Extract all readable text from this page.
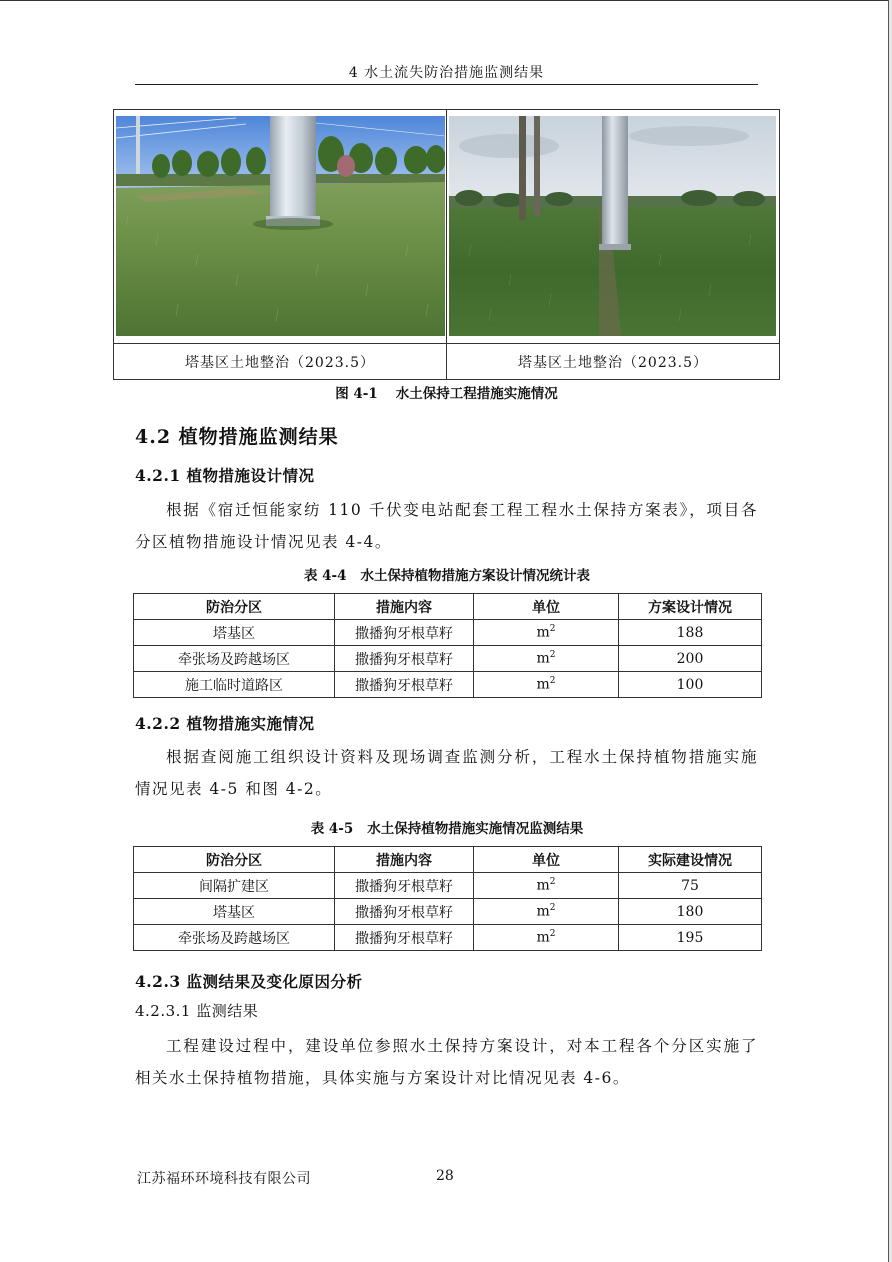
4 水土流失防治措施监测结果
塔基区土地整治（2023.5）	塔基区土地整治（2023.5）
图 4-1 水土保持工程措施实施情况
4.2 植物措施监测结果
4.2.1 植物措施设计情况
根据《宿迁恒能家纺 110 千伏变电站配套工程工程水土保持方案表》，项目各分区植物措施设计情况见表 4-4。
表 4-4 水土保持植物措施方案设计情况统计表
防治分区	措施内容	单位	方案设计情况
塔基区	撒播狗牙根草籽	$m^2$	188
牵张场及跨越场区	撒播狗牙根草籽	$m^2$	200
施工临时道路区	撒播狗牙根草籽	$m^2$	100
4.2.2 植物措施实施情况
根据查阅施工组织设计资料及现场调查监测分析，工程水土保持植物措施实施情况见表 4-5 和图 4-2。
表 4-5 水土保持植物措施实施情况监测结果
防治分区	措施内容	单位	实际建设情况
间隔扩建区	撒播狗牙根草籽	$m^2$	75
塔基区	撒播狗牙根草籽	$m^2$	180
牵张场及跨越场区	撒播狗牙根草籽	$m^2$	195
4.2.3 监测结果及变化原因分析
4.2.3.1 监测结果
工程建设过程中，建设单位参照水土保持方案设计，对本工程各个分区实施了相关水土保持植物措施，具体实施与方案设计对比情况见表 4-6。
江苏福环环境科技有限公司	28
